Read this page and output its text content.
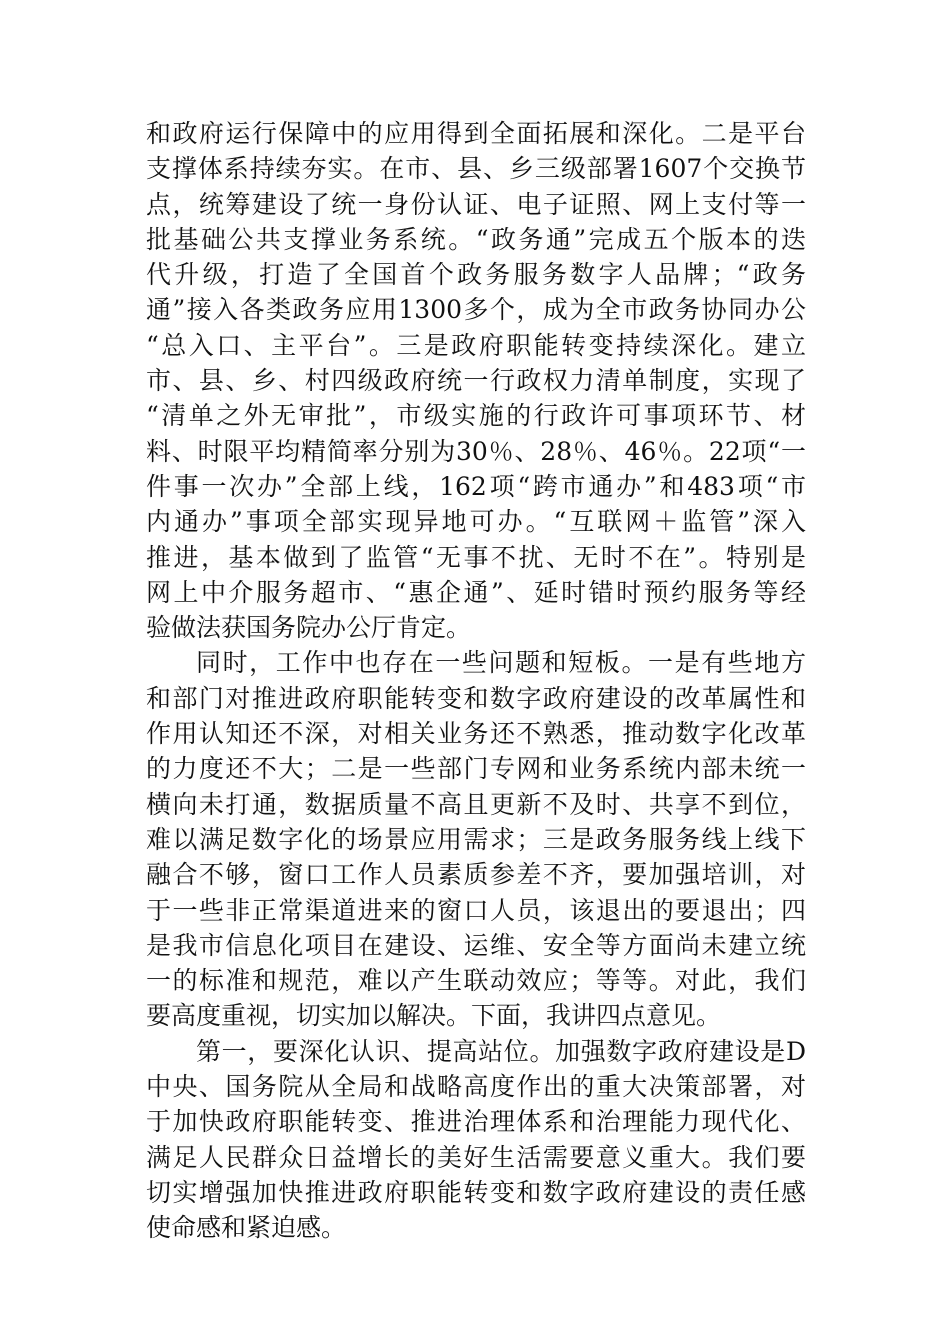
和政府运行保障中的应用得到全面拓展和深化。二是平台
支撑体系持续夯实。在市、县、乡三级部署1607个交换节
点，统筹建设了统一身份认证、电子证照、网上支付等一
批基础公共支撑业务系统。“政务通”完成五个版本的迭
代升级，打造了全国首个政务服务数字人品牌；“政务
通”接入各类政务应用1300多个，成为全市政务协同办公
“总入口、主平台”。三是政府职能转变持续深化。建立
市、县、乡、村四级政府统一行政权力清单制度，实现了
“清单之外无审批”，市级实施的行政许可事项环节、材
料、时限平均精简率分别为30％、28％、46％。22项“一
件事一次办”全部上线，162项“跨市通办”和483项“市
内通办”事项全部实现异地可办。“互联网＋监管”深入
推进，基本做到了监管“无事不扰、无时不在”。特别是
网上中介服务超市、“惠企通”、延时错时预约服务等经
验做法获国务院办公厅肯定。
同时，工作中也存在一些问题和短板。一是有些地方
和部门对推进政府职能转变和数字政府建设的改革属性和
作用认知还不深，对相关业务还不熟悉，推动数字化改革
的力度还不大；二是一些部门专网和业务系统内部未统一
横向未打通，数据质量不高且更新不及时、共享不到位，
难以满足数字化的场景应用需求；三是政务服务线上线下
融合不够，窗口工作人员素质参差不齐，要加强培训，对
于一些非正常渠道进来的窗口人员，该退出的要退出；四
是我市信息化项目在建设、运维、安全等方面尚未建立统
一的标准和规范，难以产生联动效应；等等。对此，我们
要高度重视，切实加以解决。下面，我讲四点意见。
第一，要深化认识、提高站位。加强数字政府建设是D
中央、国务院从全局和战略高度作出的重大决策部署，对
于加快政府职能转变、推进治理体系和治理能力现代化、
满足人民群众日益增长的美好生活需要意义重大。我们要
切实增强加快推进政府职能转变和数字政府建设的责任感
使命感和紧迫感。
